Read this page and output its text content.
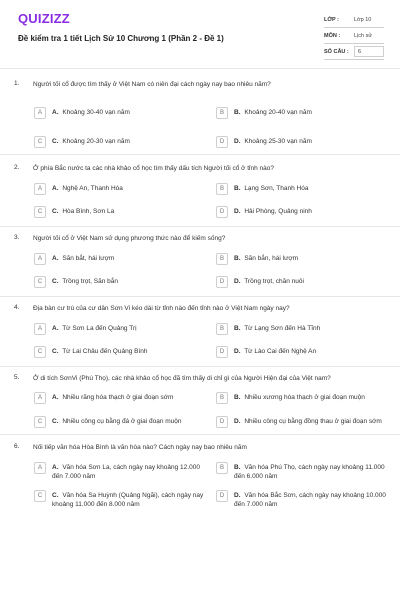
QUIZIZZ
Đề kiểm tra 1 tiết Lịch Sử 10 Chương 1 (Phần 2 - Đề 1)
LỚP :	Lớp 10
MÔN :	Lịch sử
SỐ CÂU :	6
1. Người tối cổ được tìm thấy ở Việt Nam có niên đại cách ngày nay bao nhiêu năm?
A	A. Khoảng 30-40 vạn năm	B	B. Khoảng 20-40 vạn năm
C	C. Khoảng 20-30 vạn năm	D	D. Khoảng 25-30 vạn năm
2. Ở phía Bắc nước ta các nhà khảo cổ học tìm thấy dấu tích Người tối cổ ở tỉnh nào?
A	A. Nghệ An, Thanh Hóa	B	B. Lạng Sơn, Thanh Hóa
C	C. Hòa Bình, Sơn La	D	D. Hải Phòng, Quảng ninh
3. Người tối cổ ở Việt Nam sử dụng phương thức nào để kiếm sống?
A	A. Săn bắt, hái lượm	B	B. Săn bắn, hái lượm
C	C. Trồng trọt, Săn bắn	D	D. Trồng trọt, chăn nuôi
4. Địa bàn cư trú của cư dân Sơn Vi kéo dài từ tỉnh nào đến tỉnh nào ở Việt Nam ngày nay?
A	A. Từ Sơn La đến Quảng Trị	B	B. Từ Lạng Sơn đến Hà Tĩnh
C	C. Từ Lai Châu đến Quảng Bình	D	D. Từ Lào Cai đến Nghệ An
5. Ở di tích SơnVi (Phú Thọ), các nhà khảo cổ học đã tìm thấy di chỉ gì của Người Hiện đại của Việt nam?
A	A. Nhiều răng hóa thạch ở giai đoạn sớm	B	B. Nhiều xương hóa thạch ở giai đoạn muộn
C	C. Nhiều công cụ bằng đá ở giai đoạn muộn	D	D. Nhiều công cụ bằng đồng thau ở giai đoạn sớm
6. Nối tiếp văn hóa Hòa Bình là văn hóa nào? Cách ngày nay bao nhiêu năm
A	A. Văn hóa Sơn La, cách ngày nay khoảng 12.000 đến 7.000 năm
B	B. Văn hóa Phú Thọ, cách ngày nay khoảng 11.000 đến 6.000 năm
C	C. Văn hóa Sa Huỳnh (Quảng Ngãi), cách ngày nay khoảng 11.000 đến 8.000 năm
D	D. Văn hóa Bắc Sơn, cách ngày nay khoảng 10.000 đến 7.000 năm
